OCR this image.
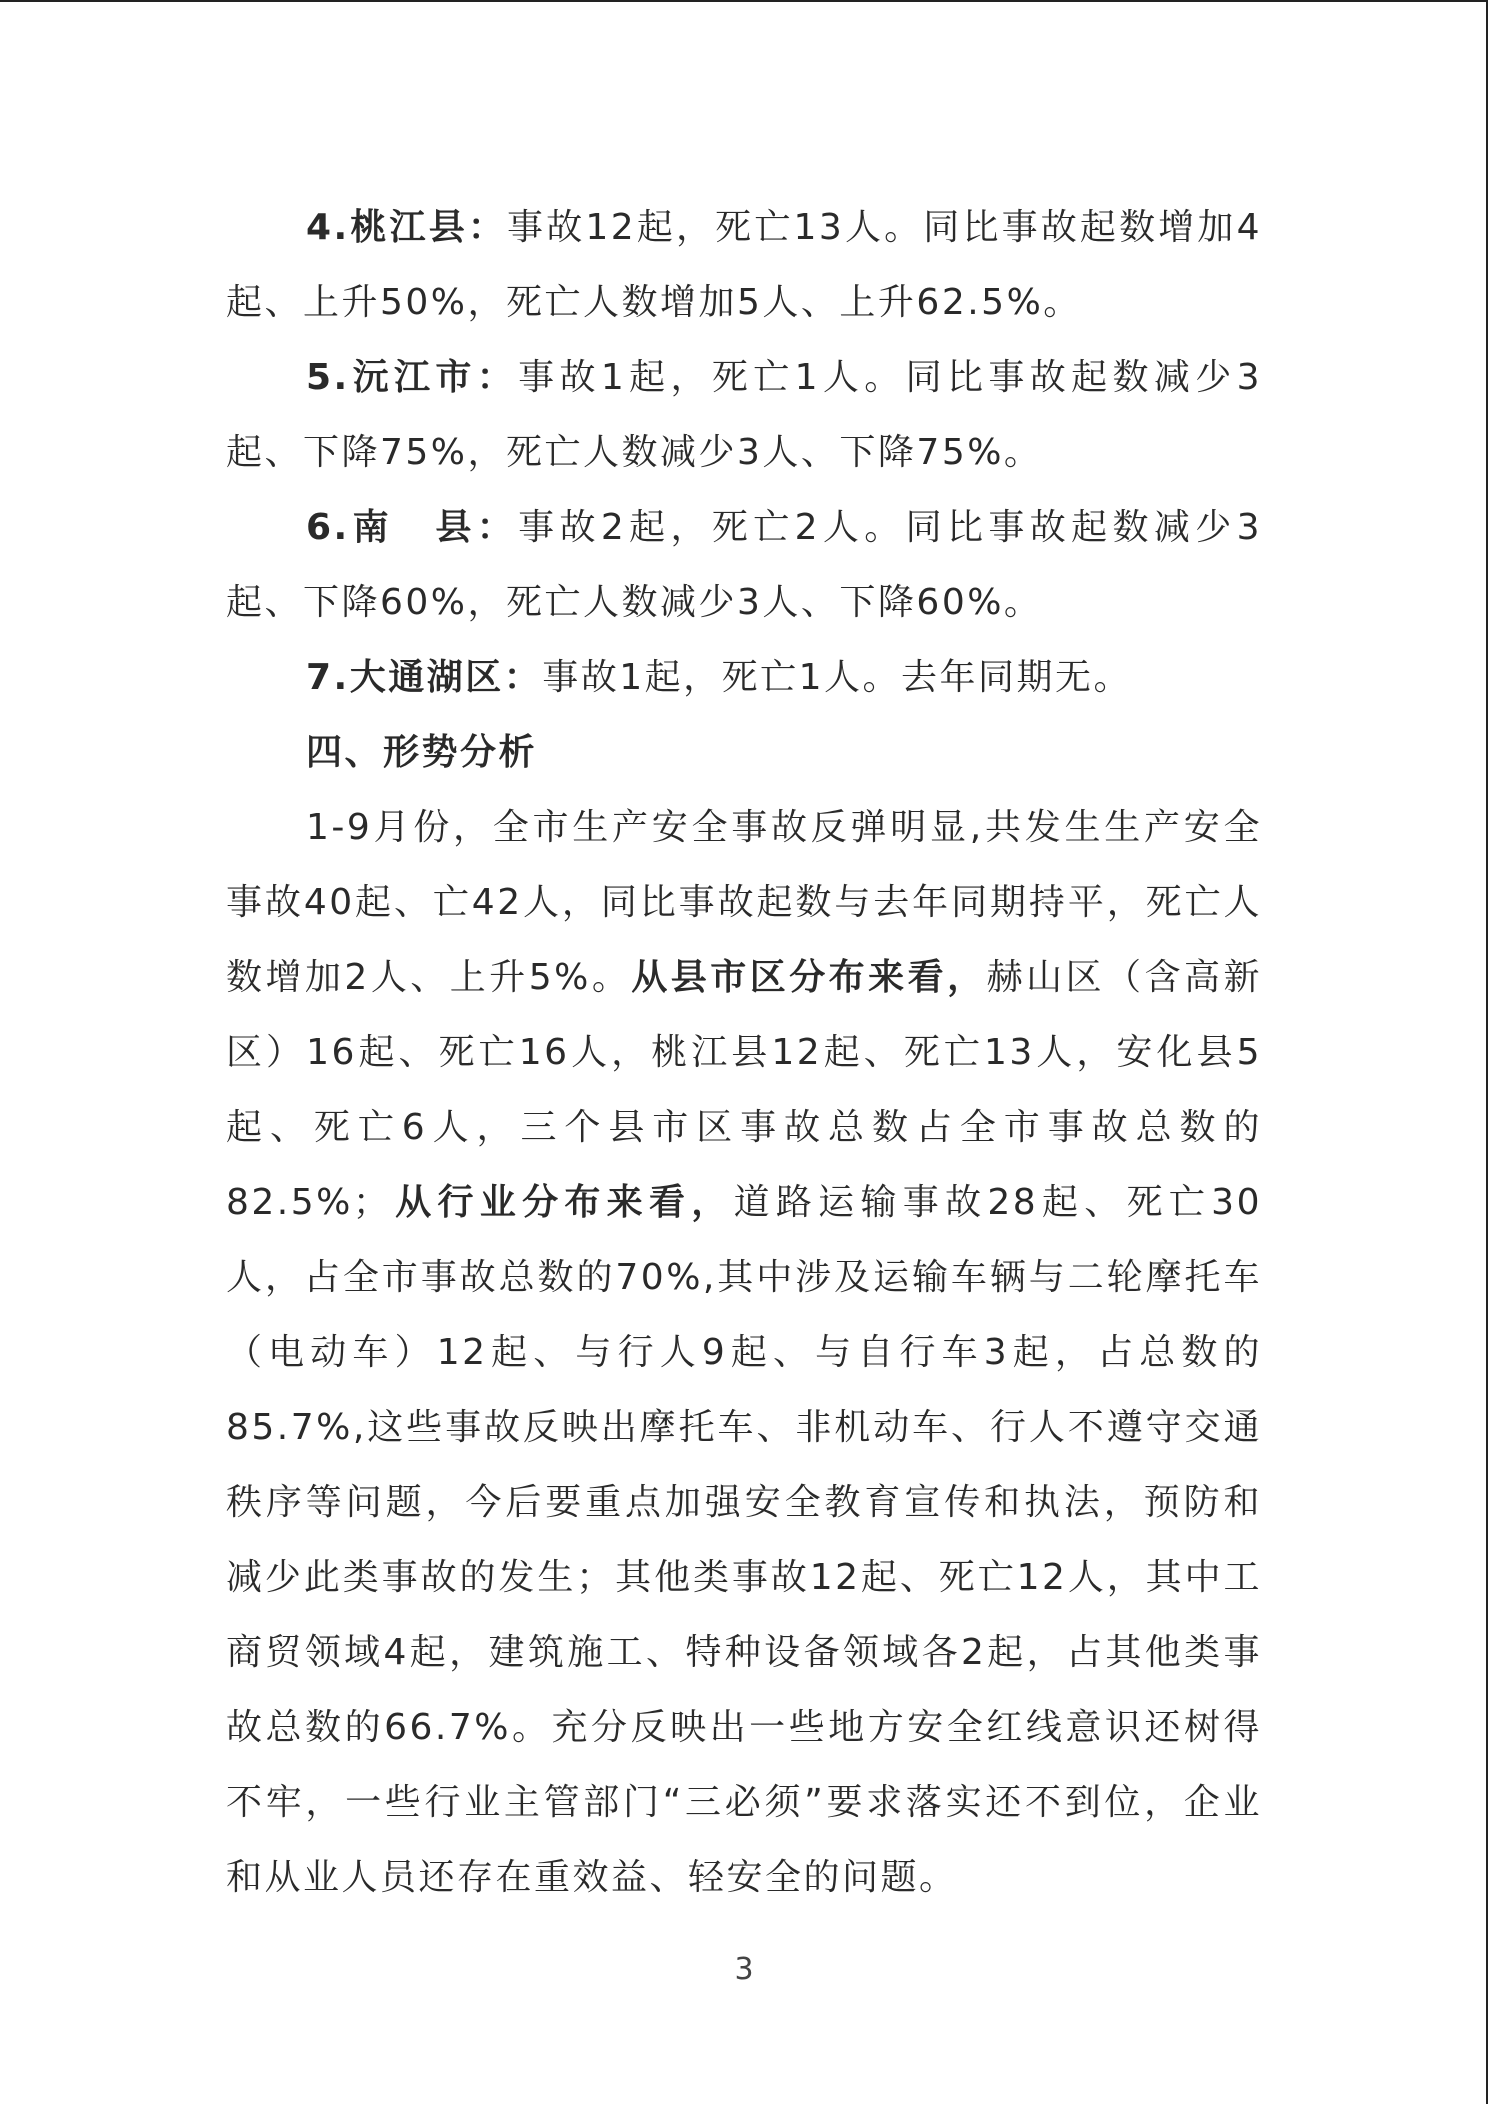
4.桃江县：事故12起，死亡13人。同比事故起数增加4起、上升50%，死亡人数增加5人、上升62.5%。

5.沅江市：事故1起，死亡1人。同比事故起数减少3起、下降75%，死亡人数减少3人、下降75%。

6.南　县：事故2起，死亡2人。同比事故起数减少3起、下降60%，死亡人数减少3人、下降60%。

7.大通湖区：事故1起，死亡1人。去年同期无。

四、形势分析

1-9月份，全市生产安全事故反弹明显,共发生生产安全事故40起、亡42人，同比事故起数与去年同期持平，死亡人数增加2人、上升5%。从县市区分布来看，赫山区（含高新区）16起、死亡16人，桃江县12起、死亡13人，安化县5起、死亡6人，三个县市区事故总数占全市事故总数的82.5%；从行业分布来看，道路运输事故28起、死亡30人，占全市事故总数的70%,其中涉及运输车辆与二轮摩托车（电动车）12起、与行人9起、与自行车3起，占总数的85.7%,这些事故反映出摩托车、非机动车、行人不遵守交通秩序等问题，今后要重点加强安全教育宣传和执法，预防和减少此类事故的发生；其他类事故12起、死亡12人，其中工商贸领域4起，建筑施工、特种设备领域各2起，占其他类事故总数的66.7%。充分反映出一些地方安全红线意识还树得不牢，一些行业主管部门“三必须”要求落实还不到位，企业和从业人员还存在重效益、轻安全的问题。

3
